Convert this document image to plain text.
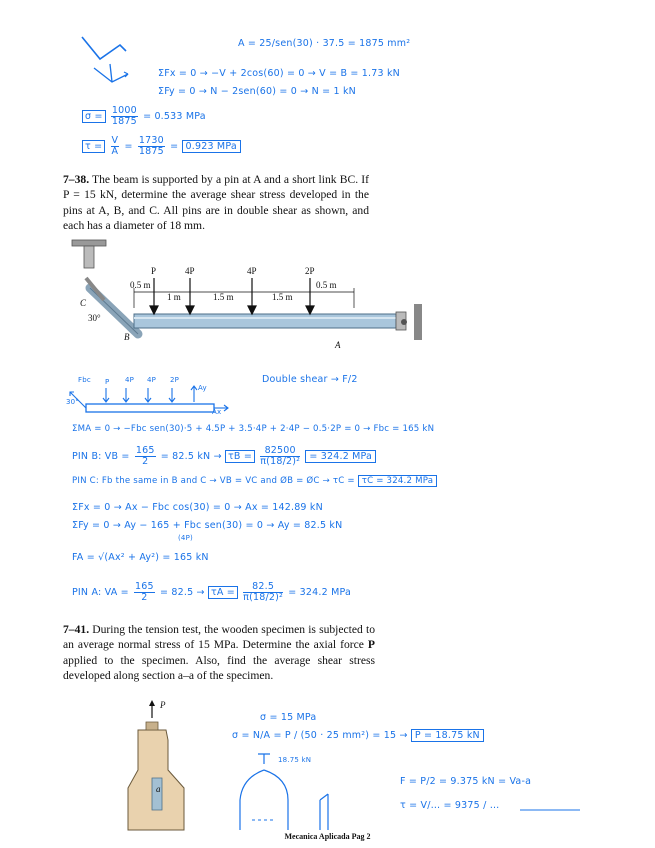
A = 25/sen(30) · 37.5 = 1875 mm²
ΣFx = 0 → −V + 2cos(60) = 0 → V = B = 1.73 kN
ΣFy = 0 → N − 2sen(60) = 0 → N = 1 kN
$\sigma = \frac{1000}{1875} = 0.533$ MPa
$\tau = \frac{V}{A} = \frac{1730}{1875} = 0.923$ MPa
7–38. The beam is supported by a pin at A and a short link BC. If P = 15 kN, determine the average shear stress developed in the pins at A, B, and C. All pins are in double shear as shown, and each has a diameter of 18 mm.
P	4P	4P	2P
0.5 m
1 m	1.5 m	1.5 m
0.5 m
30°
C
B
A
Double shear → F/2
Fbc P 4P 4P 2P
Ay
Ax
30°
ΣMA = 0 → −Fbc sen(30)·5 + 4.5P + 3.5·4P + 2·4P − 0.5·2P = 0 → Fbc = 165 kN
PIN B: VB = $\frac{165}{2} = 82.5$ kN → $\tau B = \frac{82500}{\text{π(18/2)²}} = 324.2$ MPa
PIN C: Fb the same in B and C → VB = VC and ØB = ØC → τC = τC = 324.2 MPa
ΣFx = 0 → Ax − Fbc cos(30) = 0 → Ax = 142.89 kN
ΣFy = 0 → Ay − 165 + Fbc sen(30) = 0 → Ay = 82.5 kN
(4P)
FA = √(Ax² + Ay²) = 165 kN
PIN A: VA = $\frac{165}{2} = 82.5 \to \tau A = \frac{82.5}{\text{π(18/2)²}} = 324.2$ MPa
7–41. During the tension test, the wooden specimen is subjected to an average normal stress of 15 MPa. Determine the axial force P applied to the specimen. Also, find the average shear stress developed along section a–a of the specimen.
P
a
σ = 15 MPa
σ = N/A = P / (50 · 25 mm²) = 15 → P = 18.75 kN
18.75 kN
F = P/2 = 9.375 kN = Va-a
τ = V/… = 9375 / …
Mecanica Aplicada Pag 2
